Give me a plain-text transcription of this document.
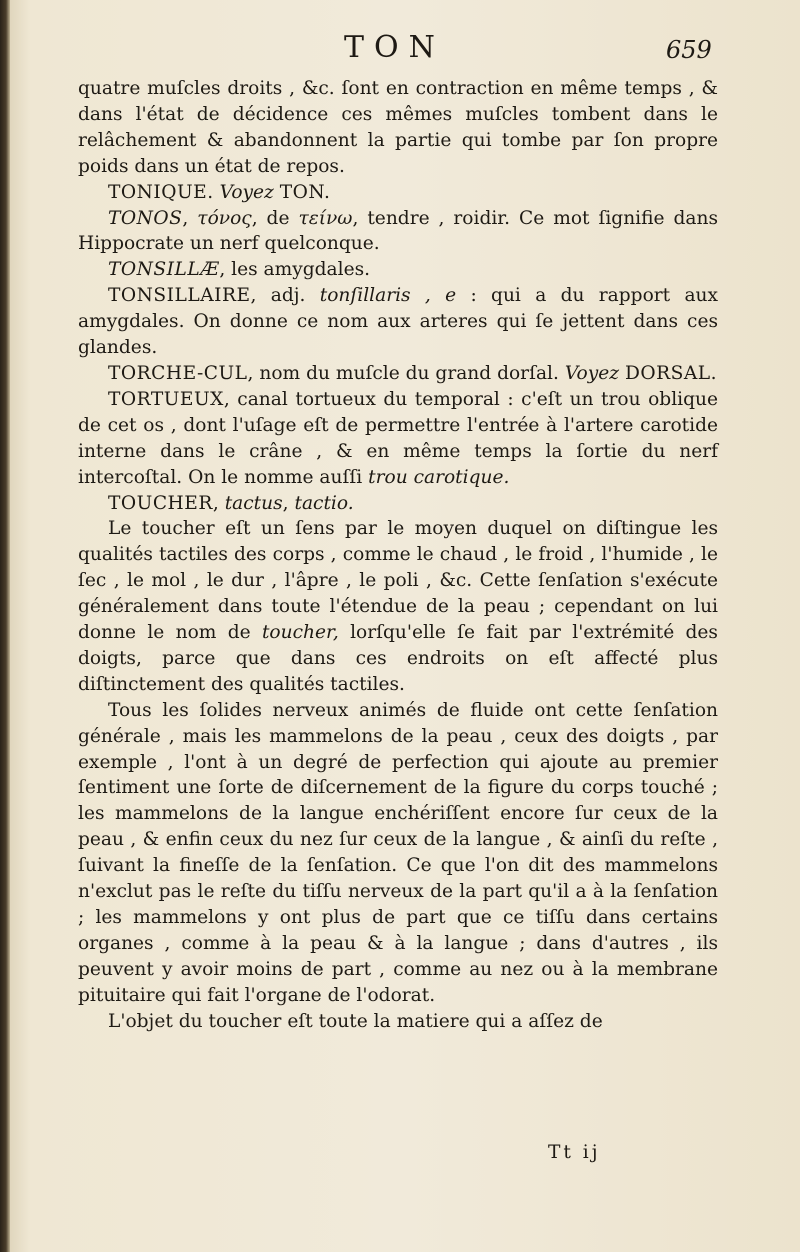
TON	659

quatre muſcles droits , &c. ſont en contraction en même temps , & dans l'état de décidence ces mêmes muſcles tombent dans le relâchement & abandonnent la partie qui tombe par ſon propre poids dans un état de repos.

TONIQUE. Voyez TON.

TONOS, τόνος, de τείνω, tendre , roidir. Ce mot ſignifie dans Hippocrate un nerf quelconque.

TONSILLÆ, les amygdales.

TONSILLAIRE, adj. tonſillaris , e : qui a du rapport aux amygdales. On donne ce nom aux arteres qui ſe jettent dans ces glandes.

TORCHE-CUL, nom du muſcle du grand dorſal. Voyez DORSAL.

TORTUEUX, canal tortueux du temporal : c'eſt un trou oblique de cet os , dont l'uſage eſt de permettre l'entrée à l'artere carotide interne dans le crâne , & en même temps la ſortie du nerf intercoſtal. On le nomme auſſi trou carotique.

TOUCHER, tactus, tactio.

Le toucher eſt un ſens par le moyen duquel on diſtingue les qualités tactiles des corps , comme le chaud , le froid , l'humide , le ſec , le mol , le dur , l'âpre , le poli , &c. Cette ſenſation s'exécute généralement dans toute l'étendue de la peau ; cependant on lui donne le nom de toucher, lorſqu'elle ſe fait par l'extrémité des doigts, parce que dans ces endroits on eſt affecté plus diſtinctement des qualités tactiles.

Tous les ſolides nerveux animés de fluide ont cette ſenſation générale , mais les mammelons de la peau , ceux des doigts , par exemple , l'ont à un degré de perfection qui ajoute au premier ſentiment une ſorte de diſcernement de la figure du corps touché ; les mammelons de la langue enchériſſent encore ſur ceux de la peau , & enfin ceux du nez ſur ceux de la langue , & ainſi du reſte , ſuivant la fineſſe de la ſenſation. Ce que l'on dit des mammelons n'exclut pas le reſte du tiſſu nerveux de la part qu'il a à la ſenſation ; les mammelons y ont plus de part que ce tiſſu dans certains organes , comme à la peau & à la langue ; dans d'autres , ils peuvent y avoir moins de part , comme au nez ou à la membrane pituitaire qui fait l'organe de l'odorat.

L'objet du toucher eſt toute la matiere qui a aſſez de

Tt ij
